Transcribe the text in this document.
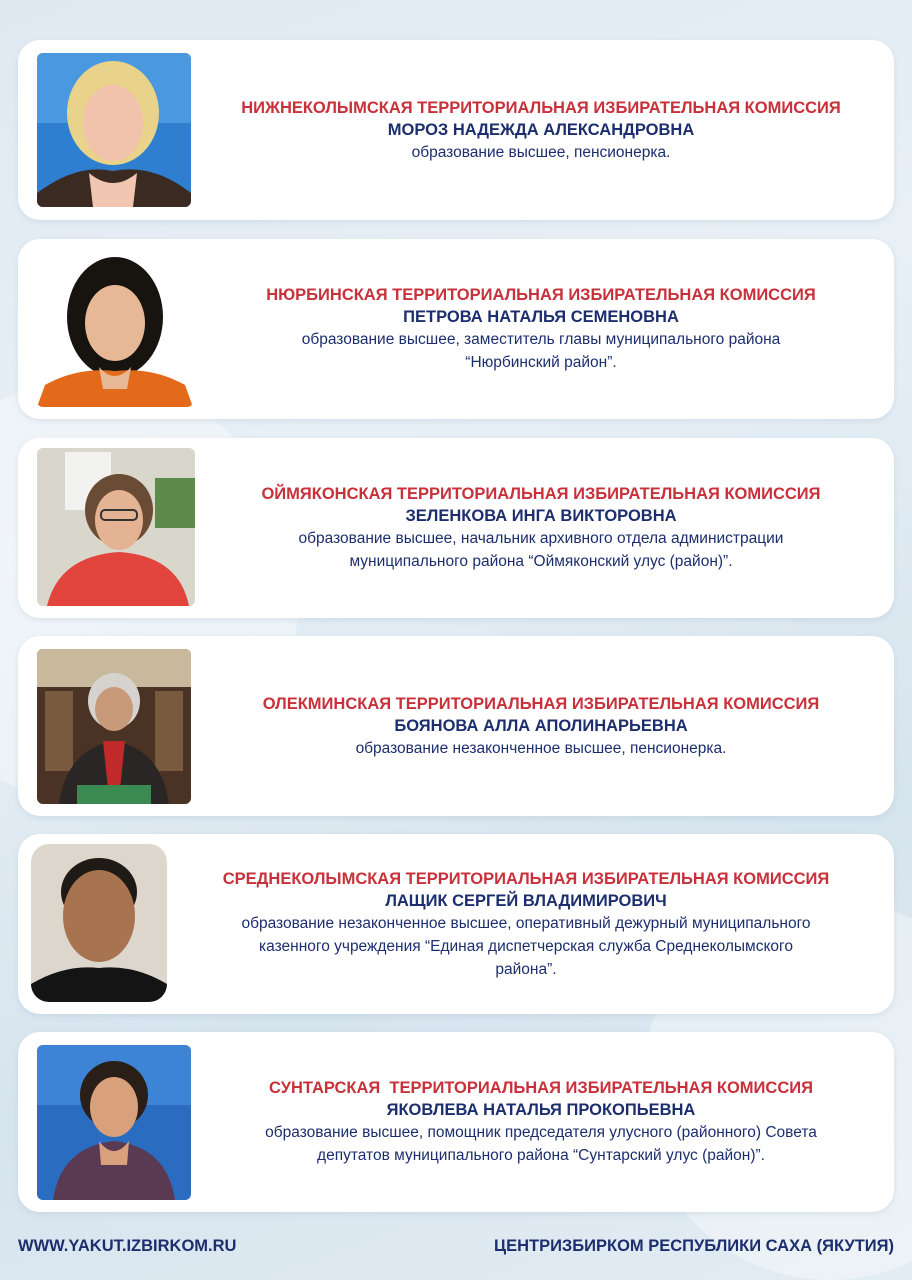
НИЖНЕКОЛЫМСКАЯ ТЕРРИТОРИАЛЬНАЯ ИЗБИРАТЕЛЬНАЯ КОМИССИЯ
МОРОЗ НАДЕЖДА АЛЕКСАНДРОВНА
образование высшее, пенсионерка.
НЮРБИНСКАЯ ТЕРРИТОРИАЛЬНАЯ ИЗБИРАТЕЛЬНАЯ КОМИССИЯ
ПЕТРОВА НАТАЛЬЯ СЕМЕНОВНА
образование высшее, заместитель главы муниципального района
“Нюрбинский район”.
ОЙМЯКОНСКАЯ ТЕРРИТОРИАЛЬНАЯ ИЗБИРАТЕЛЬНАЯ КОМИССИЯ
ЗЕЛЕНКОВА ИНГА ВИКТОРОВНА
образование высшее, начальник архивного отдела администрации
муниципального района “Оймяконский улус (район)”.
ОЛЕКМИНСКАЯ ТЕРРИТОРИАЛЬНАЯ ИЗБИРАТЕЛЬНАЯ КОМИССИЯ
БОЯНОВА АЛЛА АПОЛИНАРЬЕВНА
образование незаконченное высшее, пенсионерка.
СРЕДНЕКОЛЫМСКАЯ ТЕРРИТОРИАЛЬНАЯ ИЗБИРАТЕЛЬНАЯ КОМИССИЯ
ЛАЩИК СЕРГЕЙ ВЛАДИМИРОВИЧ
образование незаконченное высшее, оперативный дежурный муниципального
казенного учреждения “Единая диспетчерская служба Среднеколымского
района”.
СУНТАРСКАЯ  ТЕРРИТОРИАЛЬНАЯ ИЗБИРАТЕЛЬНАЯ КОМИССИЯ
ЯКОВЛЕВА НАТАЛЬЯ ПРОКОПЬЕВНА
образование высшее, помощник председателя улусного (районного) Совета
депутатов муниципального района “Сунтарский улус (район)”.
WWW.YAKUT.IZBIRKOM.RU	ЦЕНТРИЗБИРКОМ РЕСПУБЛИКИ САХА (ЯКУТИЯ)
